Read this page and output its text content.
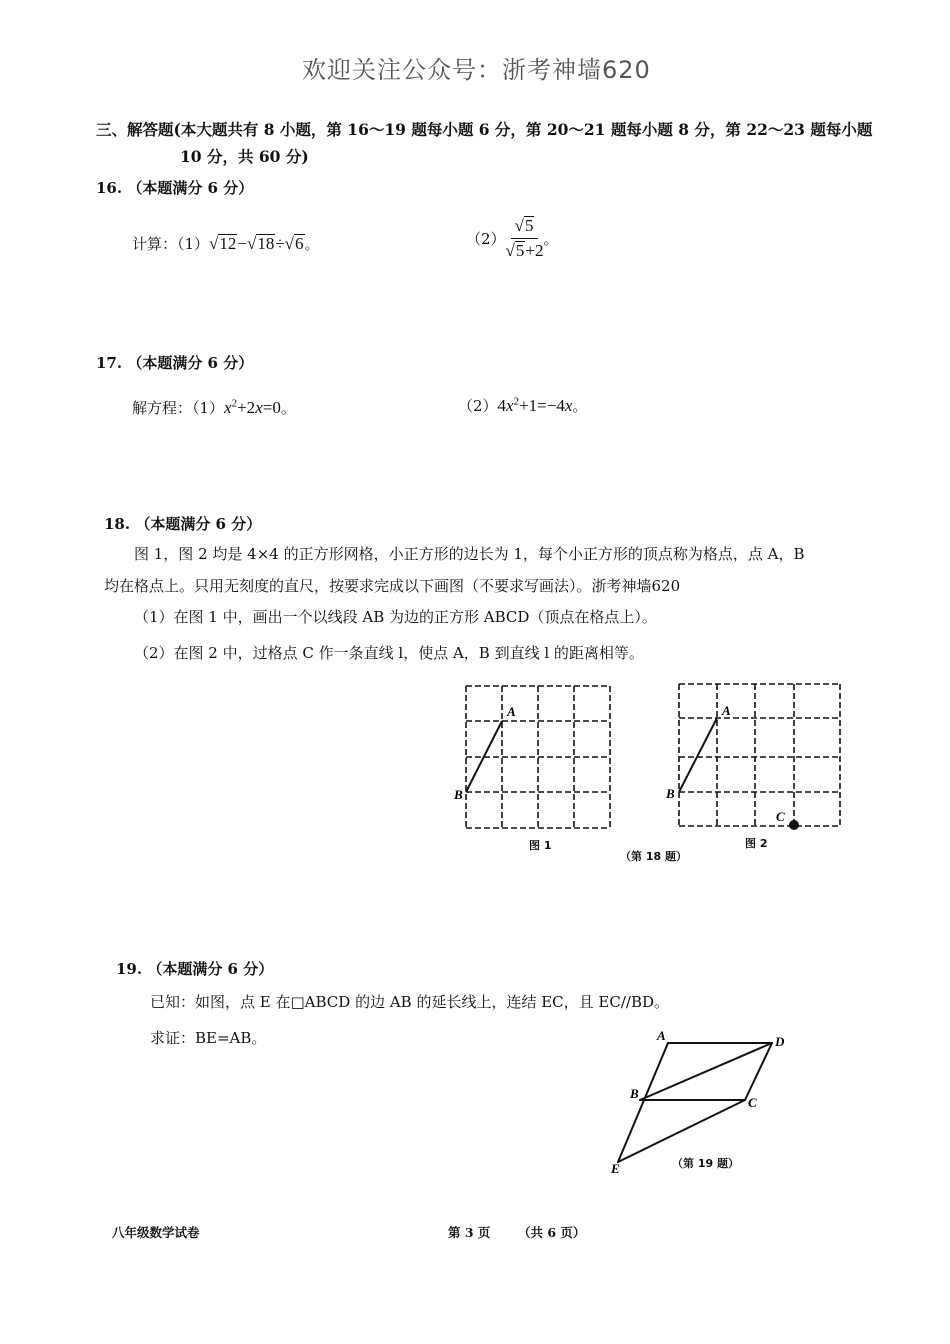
欢迎关注公众号：浙考神墙620
三、解答题(本大题共有 8 小题，第 16～19 题每小题 6 分，第 20～21 题每小题 8 分，第 22～23 题每小题
10 分，共 60 分)
16. （本题满分 6 分）
计算：（1）√12−√18÷√6。	$(2) \frac{√5}{√5+2}$ 。
17. （本题满分 6 分）
解方程：$(1)x^2+2x=0$。	$(2)4x^2+1=-4x$。
18. （本题满分 6 分）
图 1，图 2 均是 4×4 的正方形网格，小正方形的边长为 1，每个小正方形的顶点称为格点，点 A，B
均在格点上。只用无刻度的直尺，按要求完成以下画图（不要求写画法）。浙考神墙620
（1）在图 1 中，画出一个以线段 AB 为边的正方形 ABCD（顶点在格点上）。
（2）在图 2 中，过格点 C 作一条直线 l，使点 A，B 到直线 l 的距离相等。
A
B
图 1
A
B
C
图 2
（第 18 题）
19. （本题满分 6 分）
已知：如图，点 E 在□ABCD 的边 AB 的延长线上，连结 EC，且 EC//BD。
求证：BE=AB。	A	D
B
C
E	（第 19 题）
八年级数学试卷	第 3 页 （共 6 页）
